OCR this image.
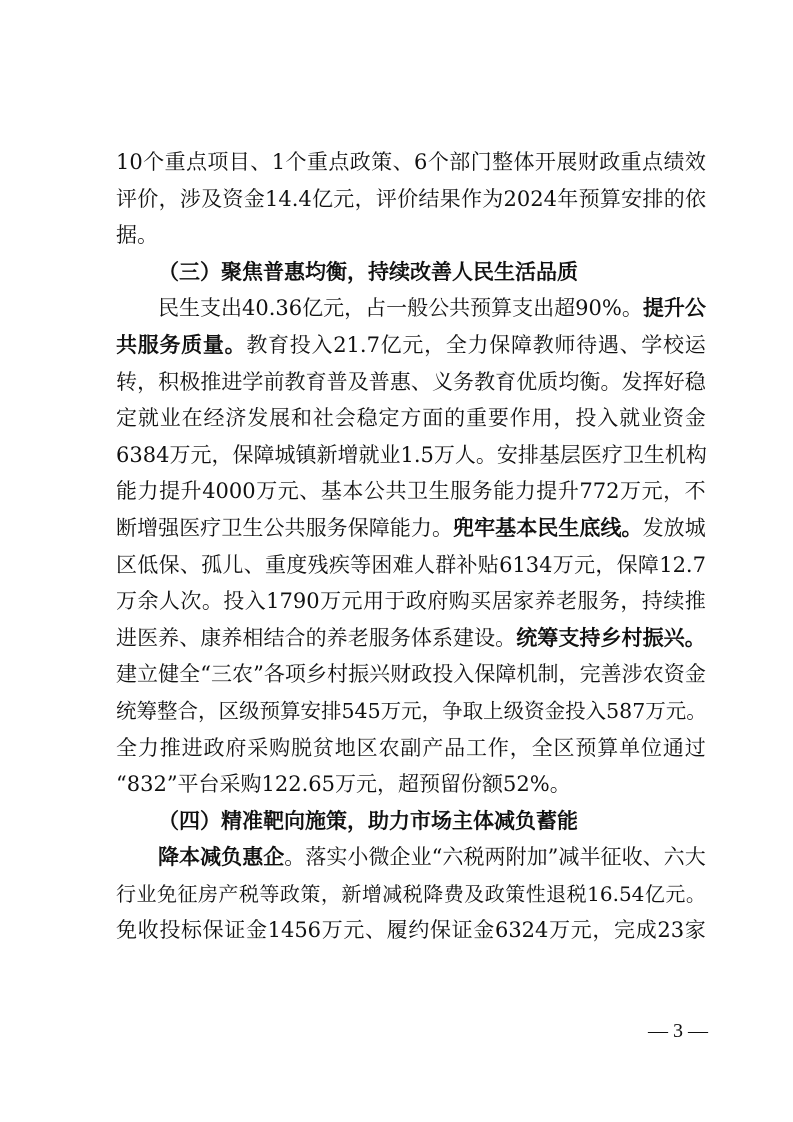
10 个 重 点 项 目 、 1 个 重 点 政 策 、 6 个 部 门 整 体 开 展 财 政 重 点 绩 效
评 价 ， 涉 及 资 金 14.4 亿 元 ， 评 价 结 果 作 为 2024 年 预 算 安 排 的 依
据。
（三）聚焦普惠均衡，持续改善人民生活品质
民 生 支 出 40.36 亿 元 ， 占 一 般 公 共 预 算 支 出 超 90% 。 提 升 公
共 服 务 质 量 。 教 育 投 入 21.7 亿 元 ， 全 力 保 障 教 师 待 遇 、 学 校 运
转 ， 积 极 推 进 学 前 教 育 普 及 普 惠 、 义 务 教 育 优 质 均 衡 。 发 挥 好 稳
定 就 业 在 经 济 发 展 和 社 会 稳 定 方 面 的 重 要 作 用 ， 投 入 就 业 资 金
6384 万 元 ， 保 障 城 镇 新 增 就 业 1.5 万 人 。 安 排 基 层 医 疗 卫 生 机 构
能 力 提 升 4000 万 元 、 基 本 公 共 卫 生 服 务 能 力 提 升 772 万 元 ， 不
断 增 强 医 疗 卫 生 公 共 服 务 保 障 能 力 。 兜 牢 基 本 民 生 底 线 。 发 放 城
区 低 保 、 孤 儿 、 重 度 残 疾 等 困 难 人 群 补 贴 6134 万 元 ， 保 障 12.7
万 余 人 次 。 投 入 1790 万 元 用 于 政 府 购 买 居 家 养 老 服 务 ， 持 续 推
进 医 养 、 康 养 相 结 合 的 养 老 服 务 体 系 建 设 。 统 筹 支 持 乡 村 振 兴 。
建 立 健 全 “ 三 农 ” 各 项 乡 村 振 兴 财 政 投 入 保 障 机 制 ， 完 善 涉 农 资 金
统 筹 整 合 ， 区 级 预 算 安 排 545 万 元 ， 争 取 上 级 资 金 投 入 587 万 元 。
全 力 推 进 政 府 采 购 脱 贫 地 区 农 副 产 品 工 作 ， 全 区 预 算 单 位 通 过
“832”平台采购122.65万元，超预留份额52%。
（四）精准靶向施策，助力市场主体减负蓄能
降 本 减 负 惠 企 。 落 实 小 微 企 业 “ 六 税 两 附 加 ” 减 半 征 收 、 六 大
行 业 免 征 房 产 税 等 政 策 ， 新 增 减 税 降 费 及 政 策 性 退 税 16.54 亿 元 。
免 收 投 标 保 证 金 1456 万 元 、 履 约 保 证 金 6324 万 元 ， 完 成 23 家
— 3 —
